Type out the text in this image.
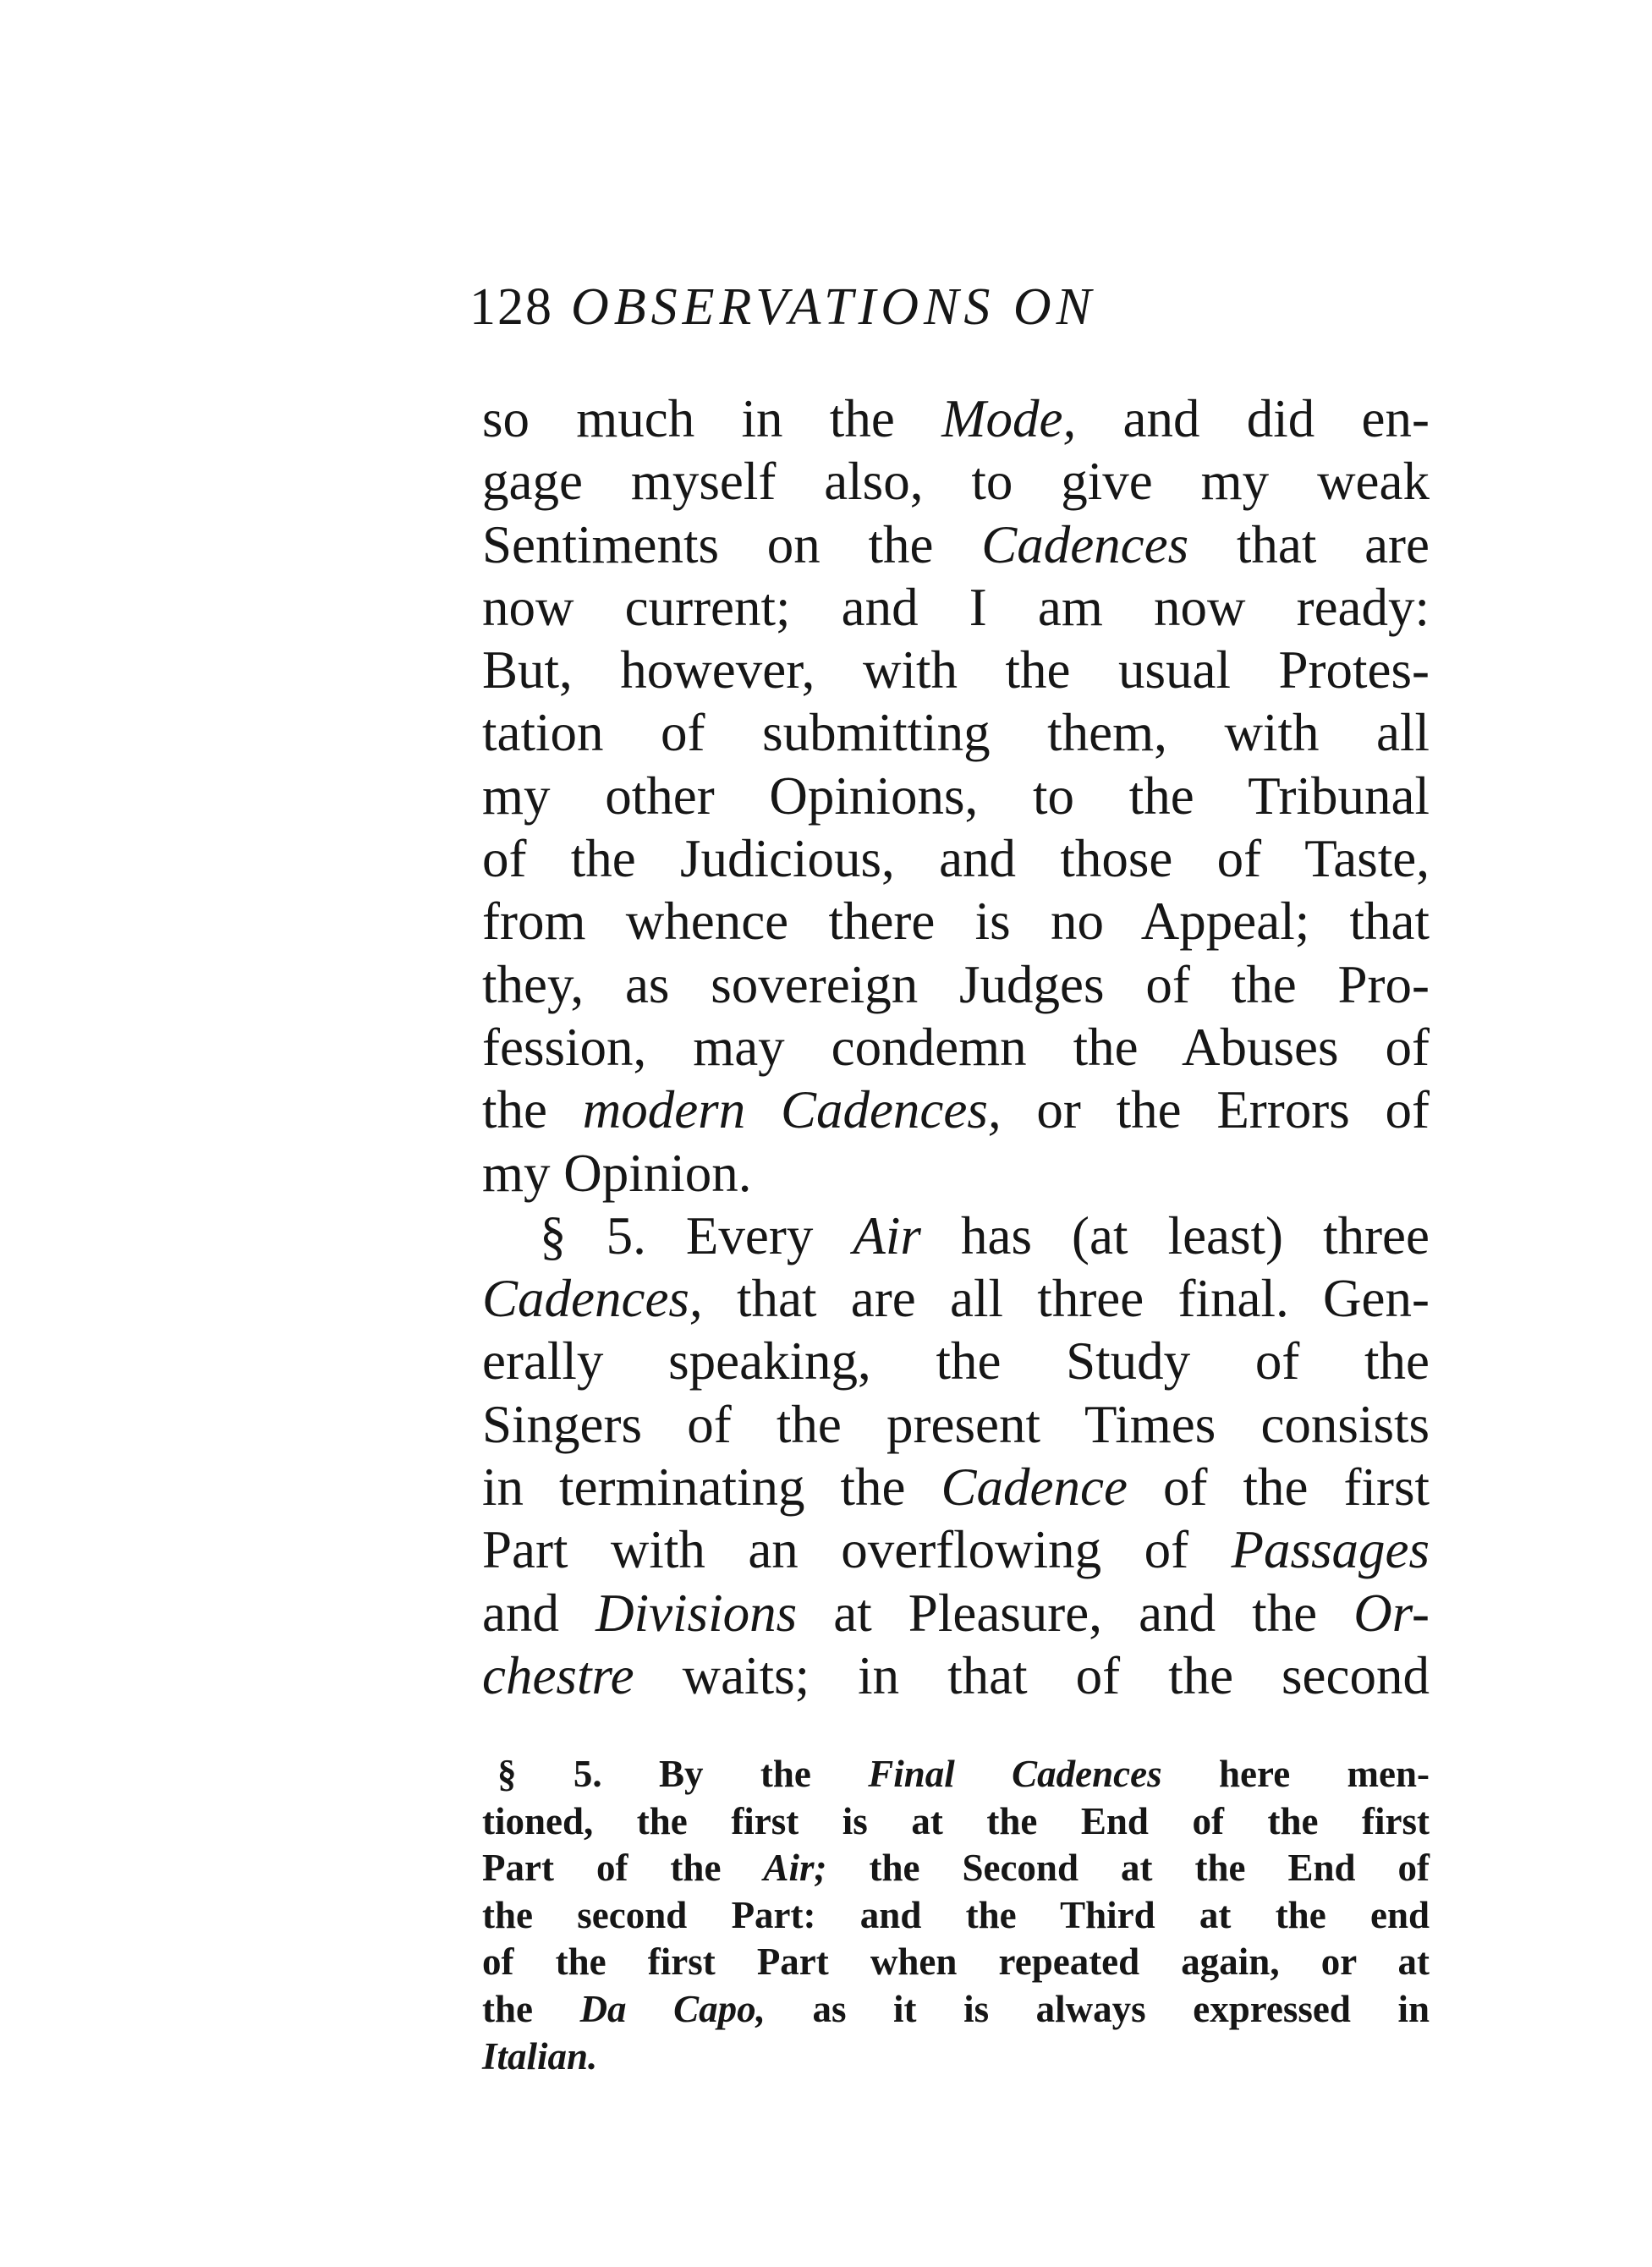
128 OBSERVATIONS ON
so much in the Mode, and did en-
gage myself also, to give my weak
Sentiments on the Cadences that are
now current; and I am now ready:
But, however, with the usual Protes-
tation of submitting them, with all
my other Opinions, to the Tribunal
of the Judicious, and those of Taste,
from whence there is no Appeal; that
they, as sovereign Judges of the Pro-
fession, may condemn the Abuses of
the modern Cadences, or the Errors of
my Opinion.
§ 5. Every Air has (at least) three
Cadences, that are all three final. Gen-
erally speaking, the Study of the
Singers of the present Times consists
in terminating the Cadence of the first
Part with an overflowing of Passages
and Divisions at Pleasure, and the Or-
chestre waits; in that of the second
§ 5. By the Final Cadences here men-
tioned, the first is at the End of the first
Part of the Air; the Second at the End of
the second Part: and the Third at the end
of the first Part when repeated again, or at
the Da Capo, as it is always expressed in
Italian.
